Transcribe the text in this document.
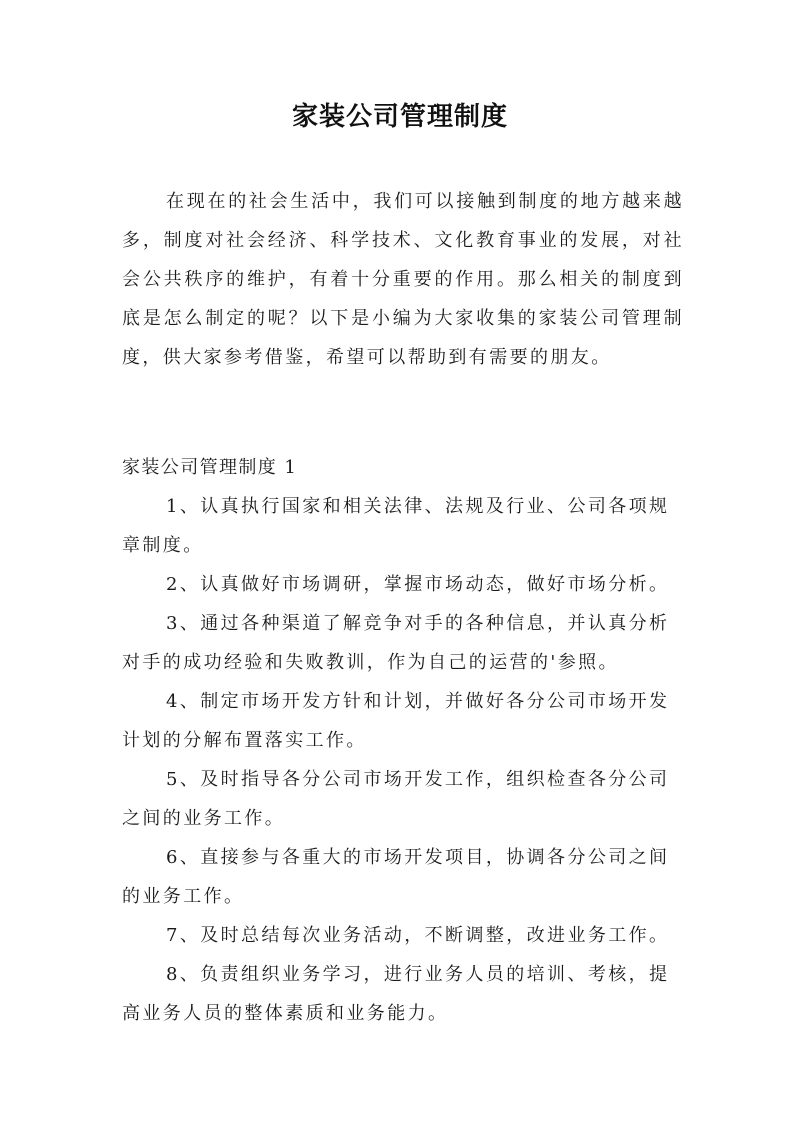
家装公司管理制度

在现在的社会生活中，我们可以接触到制度的地方越来越多，制度对社会经济、科学技术、文化教育事业的发展，对社会公共秩序的维护，有着十分重要的作用。那么相关的制度到底是怎么制定的呢？以下是小编为大家收集的家装公司管理制度，供大家参考借鉴，希望可以帮助到有需要的朋友。

家装公司管理制度 1

1、认真执行国家和相关法律、法规及行业、公司各项规章制度。
2、认真做好市场调研，掌握市场动态，做好市场分析。
3、通过各种渠道了解竞争对手的各种信息，并认真分析对手的成功经验和失败教训，作为自己的运营的'参照。
4、制定市场开发方针和计划，并做好各分公司市场开发计划的分解布置落实工作。
5、及时指导各分公司市场开发工作，组织检查各分公司之间的业务工作。
6、直接参与各重大的市场开发项目，协调各分公司之间的业务工作。
7、及时总结每次业务活动，不断调整，改进业务工作。
8、负责组织业务学习，进行业务人员的培训、考核，提高业务人员的整体素质和业务能力。
